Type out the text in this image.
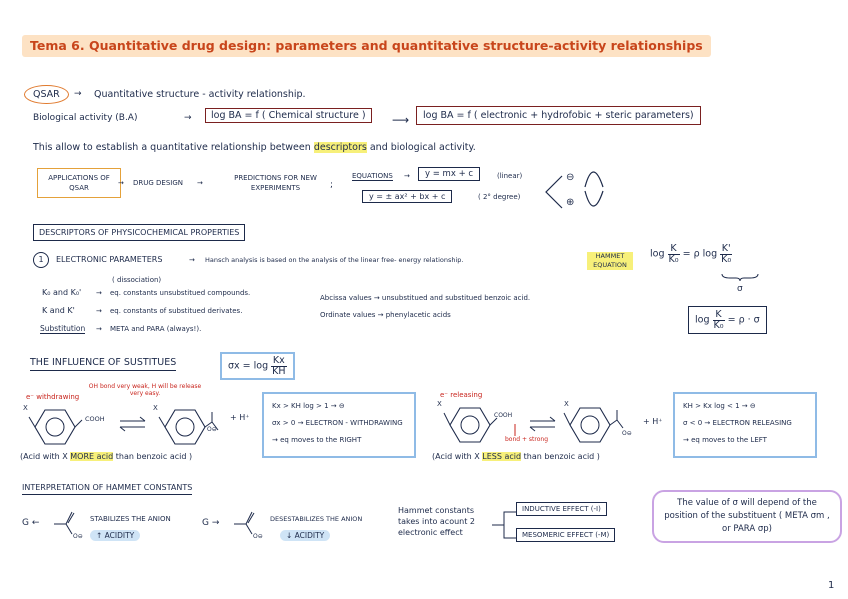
Tema 6. Quantitative drug design: parameters and quantitative structure-activity relationships
QSAR	→ Quantitative structure - activity relationship.
Biological activity (B.A)	→	log BA = f ( Chemical structure )	⟶	log BA = f ( electronic + hydrofobic + steric parameters)
This allow to establish a quantitative relationship between descriptors and biological activity.
APPLICATIONS OF QSAR
→ DRUG DESIGN →
PREDICTIONS FOR NEW EXPERIMENTS	;
EQUATIONS →	y = mx + c	(linear)
y = ± ax² + bx + c	( 2° degree)
⊖
⊕
DESCRIPTORS OF PHYSICOCHEMICAL PROPERTIES
1	ELECTRONIC PARAMETERS	→ Hansch analysis is based on the analysis of the linear free- energy relationship.	HAMMET EQUATION
$\log \frac{K}{\text{K₀}} = \rho$ $\log \frac{K'}{\text{K₀}}$
σ
$\log \frac{K}{\text{K₀}} = \rho \cdot \sigma$
( dissociation)
K₀ and K₀' → eq. constants unsubstitued compounds.
K and K'	→ eq. constants of substitued derivates.
Substitution → META and PARA (always!).
Abcissa values → unsubstitued and substitued benzoic acid.
Ordinate values → phenylacetic acids
THE INFLUENCE OF SUSTITUES	$\sigma x = \log \frac{Kx}{KH}$
e⁻ withdrawing
OH bond very weak, H will be release very easy.
X
COOH
X
O⊖
+ H⁺
Kx > KH log > 1 → ⊖
σx > 0 → ELECTRON - WITHDRAWING
→ eq moves to the RIGHT
(Acid with X MORE acid than benzoic acid )
e⁻ releasing
X
COOH
X
bond + strong
O⊖
+ H⁺
KH > Kx log < 1 → ⊖
σ < 0 → ELECTRON RELEASING
→ eq moves to the LEFT
(Acid with X LESS acid than benzoic acid )
INTERPRETATION OF HAMMET CONSTANTS
G ←
O⊖
STABILIZES THE ANION
↑ ACIDITY
G →
O⊖
DESESTABILIZES THE ANION
↓ ACIDITY
Hammet constants takes into acount 2 electronic effect
INDUCTIVE EFFECT (-I)
MESOMERIC EFFECT (-M)
The value of σ will depend of the position of the substituent ( META σm , or PARA σp)
1
